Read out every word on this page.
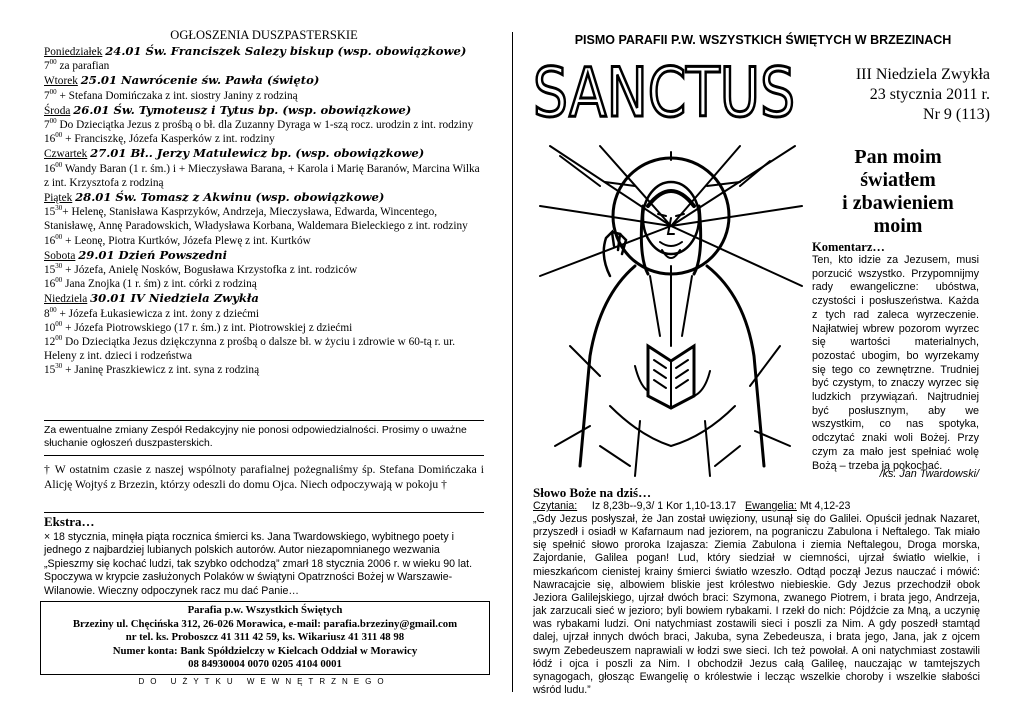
OGŁOSZENIA DUSZPASTERSKIE
Poniedziałek 24.01 Św. Franciszek Salezy biskup (wsp. obowiązkowe)
$7^{00}$ za parafian
Wtorek 25.01 Nawrócenie św. Pawła (święto)
$7^{00}$ + Stefana Domińczaka z int. siostry Janiny z rodziną
Środa 26.01 Św. Tymoteusz i Tytus bp. (wsp. obowiązkowe)
$7^{00}$ Do Dzieciątka Jezus z prośbą o bł. dla Zuzanny Dyraga w 1-szą rocz. urodzin z int. rodziny
$16^{00}$ + Franciszkę, Józefa Kasperków z int. rodziny
Czwartek 27.01 Bł.. Jerzy Matulewicz bp. (wsp. obowiązkowe)
$16^{00}$ Wandy Baran (1 r. śm.) i + Mieczysława Barana, + Karola i Marię Baranów, Marcina Wilka z int. Krzysztofa z rodziną
Piątek 28.01 Św. Tomasz z Akwinu (wsp. obowiązkowe)
$15^{30}+$ Helenę, Stanisława Kasprzyków, Andrzeja, Mieczysława, Edwarda, Wincentego, Stanisławę, Annę Paradowskich, Władysława Korbana, Waldemara Bieleckiego z int. rodziny
$16^{00}$ + Leonę, Piotra Kurtków, Józefa Plewę z int. Kurtków
Sobota 29.01 Dzień Powszedni
$15^{30}$ + Józefa, Anielę Nosków, Bogusława Krzystofka z int. rodziców
$16^{00}$ Jana Znojka (1 r. śm) z int. córki z rodziną
Niedziela 30.01 IV Niedziela Zwykła
$8^{00}$ + Józefa Łukasiewicza z int. żony z dziećmi
$10^{00}$ + Józefa Piotrowskiego (17 r. śm.) z int. Piotrowskiej z dziećmi
$12^{00}$ Do Dzieciątka Jezus dziękczynna z prośbą o dalsze bł. w życiu i zdrowie w 60-tą r. ur. Heleny z int. dzieci i rodzeństwa
$15^{30}$ + Janinę Praszkiewicz z int. syna z rodziną
Za ewentualne zmiany Zespół Redakcyjny nie ponosi odpowiedzialności. Prosimy o uważne słuchanie ogłoszeń duszpasterskich.
† W ostatnim czasie z naszej wspólnoty parafialnej pożegnaliśmy śp. Stefana Domińczaka i Alicję Wojtyś z Brzezin, którzy odeszli do domu Ojca. Niech odpoczywają w pokoju †
Ekstra…
× 18 stycznia, minęła piąta rocznica śmierci ks. Jana Twardowskiego, wybitnego poety i jednego z najbardziej lubianych polskich autorów. Autor niezapomnianego wezwania „Spieszmy się kochać ludzi, tak szybko odchodzą” zmarł 18 stycznia 2006 r. w wieku 90 lat. Spoczywa w krypcie zasłużonych Polaków w świątyni Opatrzności Bożej w Warszawie-Wilanowie. Wieczny odpoczynek racz mu dać Panie…
Parafia p.w. Wszystkich Świętych
Brzeziny ul. Chęcińska 312, 26-026 Morawica, e-mail: parafia.brzeziny@gmail.com
nr tel. ks. Proboszcz 41 311 42 59, ks. Wikariusz 41 311 48 98
Numer konta: Bank Spółdzielczy w Kielcach Oddział w Morawicy
08 84930004 0070 0205 4104 0001
DO UŻYTKU WEWNĘTRZNEGO
PISMO PARAFII P.W. WSZYSTKICH ŚWIĘTYCH W BRZEZINACH
SANCTUS	III Niedziela Zwykła
23 stycznia 2011 r.
Nr 9 (113)
Pan moim
światłem
i zbawieniem
moim
Komentarz…
Ten, kto idzie za Jezusem, musi porzucić wszystko. Przypomnijmy rady ewangeliczne: ubóstwa, czystości i posłuszeństwa. Każda z tych rad zaleca wyrzeczenie. Najłatwiej wbrew pozorom wyrzec się wartości materialnych, pozostać ubogim, bo wyrzekamy się tego co zewnętrzne. Trudniej być czystym, to znaczy wyrzec się ludzkich przywiązań. Najtrudniej być posłusznym, aby we wszystkim, co nas spotyka, odczytać znaki woli Bożej. Przy czym za mało jest spełniać wolę Bożą – trzeba ją pokochać.
/ks. Jan Twardowski/
Słowo Boże na dziś…
Czytania: Iz 8,23b--9,3/ 1 Kor 1,10-13.17 Ewangelia: Mt 4,12-23
„Gdy Jezus posłyszał, że Jan został uwięziony, usunął się do Galilei. Opuścił jednak Nazaret, przyszedł i osiadł w Kafarnaum nad jeziorem, na pograniczu Zabulona i Neftalego. Tak miało się spełnić słowo proroka Izajasza: Ziemia Zabulona i ziemia Neftalegou, Droga morska, Zajordanie, Galilea pogan! Lud, który siedział w ciemności, ujrzał światło wielkie, i mieszkańcom cienistej krainy śmierci światło wzeszło. Odtąd począł Jezus nauczać i mówić: Nawracajcie się, albowiem bliskie jest królestwo niebieskie. Gdy Jezus przechodził obok Jeziora Galilejskiego, ujrzał dwóch braci: Szymona, zwanego Piotrem, i brata jego, Andrzeja, jak zarzucali sieć w jezioro; byli bowiem rybakami. I rzekł do nich: Pójdźcie za Mną, a uczynię was rybakami ludzi. Oni natychmiast zostawili sieci i poszli za Nim. A gdy poszedł stamtąd dalej, ujrzał innych dwóch braci, Jakuba, syna Zebedeusza, i brata jego, Jana, jak z ojcem swym Zebedeuszem naprawiali w łodzi swe sieci. Ich też powołał. A oni natychmiast zostawili łódź i ojca i poszli za Nim. I obchodził Jezus całą Galileę, nauczając w tamtejszych synagogach, głosząc Ewangelię o królestwie i lecząc wszelkie choroby i wszelkie słabości wśród ludu.”
